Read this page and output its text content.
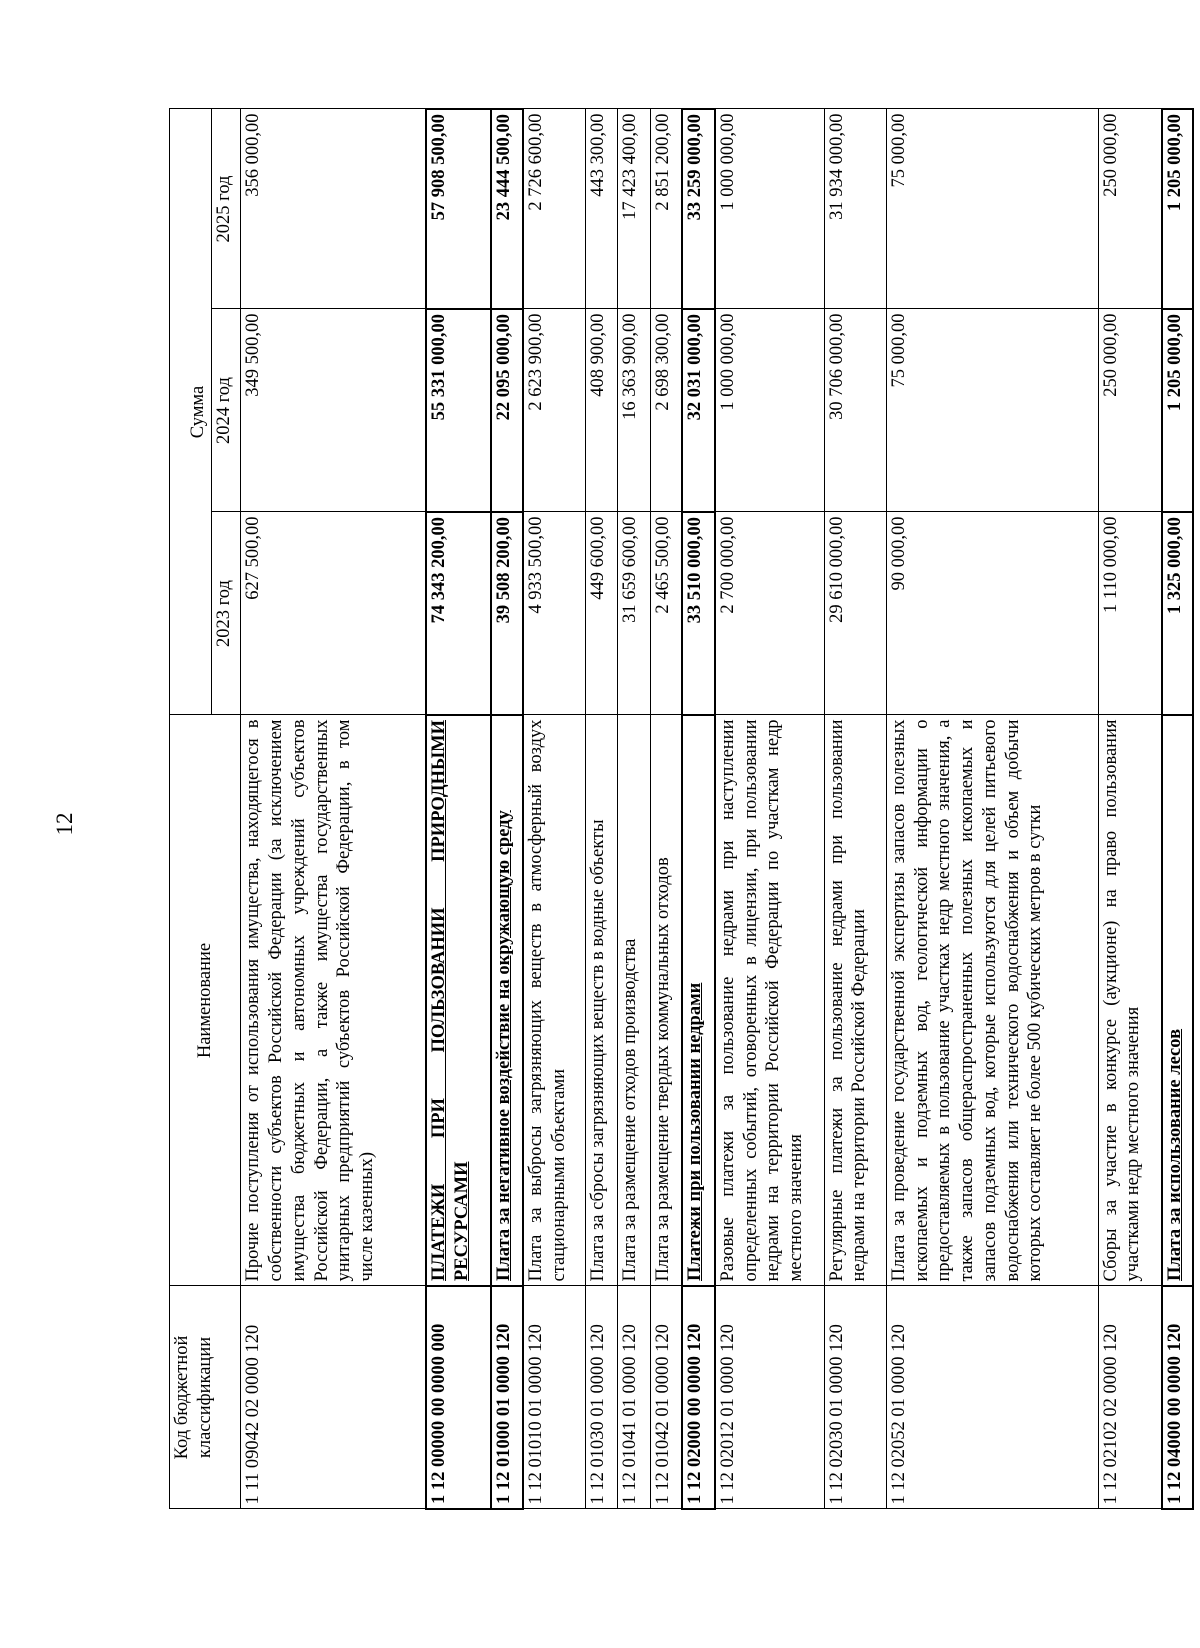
12
Код бюджетной классификации	Наименование	Сумма		
		2023 год	2024 год	2025 год
1 11 09042 02 0000 120	Прочие поступления от использования имущества, находящегося в собственности субъектов Российской Федерации (за исключением имущества бюджетных и автономных учреждений субъектов Российской Федерации, а также имущества государственных унитарных предприятий субъектов Российской Федерации, в том числе казенных)	627 500,00	349 500,00	356 000,00
1 12 00000 00 0000 000	ПЛАТЕЖИ ПРИ ПОЛЬЗОВАНИИ ПРИРОДНЫМИ РЕСУРСАМИ	74 343 200,00	55 331 000,00	57 908 500,00
1 12 01000 01 0000 120	Плата за негативное воздействие на окружающую среду	39 508 200,00	22 095 000,00	23 444 500,00
1 12 01010 01 0000 120	Плата за выбросы загрязняющих веществ в атмосферный воздух стационарными объектами	4 933 500,00	2 623 900,00	2 726 600,00
1 12 01030 01 0000 120	Плата за сбросы загрязняющих веществ в водные объекты	449 600,00	408 900,00	443 300,00
1 12 01041 01 0000 120	Плата за размещение отходов производства	31 659 600,00	16 363 900,00	17 423 400,00
1 12 01042 01 0000 120	Плата за размещение твердых коммунальных отходов	2 465 500,00	2 698 300,00	2 851 200,00
1 12 02000 00 0000 120	Платежи при пользовании недрами	33 510 000,00	32 031 000,00	33 259 000,00
1 12 02012 01 0000 120	Разовые платежи за пользование недрами при наступлении определенных событий, оговоренных в лицензии, при пользовании недрами на территории Российской Федерации по участкам недр местного значения	2 700 000,00	1 000 000,00	1 000 000,00
1 12 02030 01 0000 120	Регулярные платежи за пользование недрами при пользовании недрами на территории Российской Федерации	29 610 000,00	30 706 000,00	31 934 000,00
1 12 02052 01 0000 120	Плата за проведение государственной экспертизы запасов полезных ископаемых и подземных вод, геологической информации о предоставляемых в пользование участках недр местного значения, а также запасов общераспространенных полезных ископаемых и запасов подземных вод, которые используются для целей питьевого водоснабжения или технического водоснабжения и объем добычи которых составляет не более 500 кубических метров в сутки	90 000,00	75 000,00	75 000,00
1 12 02102 02 0000 120	Сборы за участие в конкурсе (аукционе) на право пользования участками недр местного значения	1 110 000,00	250 000,00	250 000,00
1 12 04000 00 0000 120	Плата за использование лесов	1 325 000,00	1 205 000,00	1 205 000,00
